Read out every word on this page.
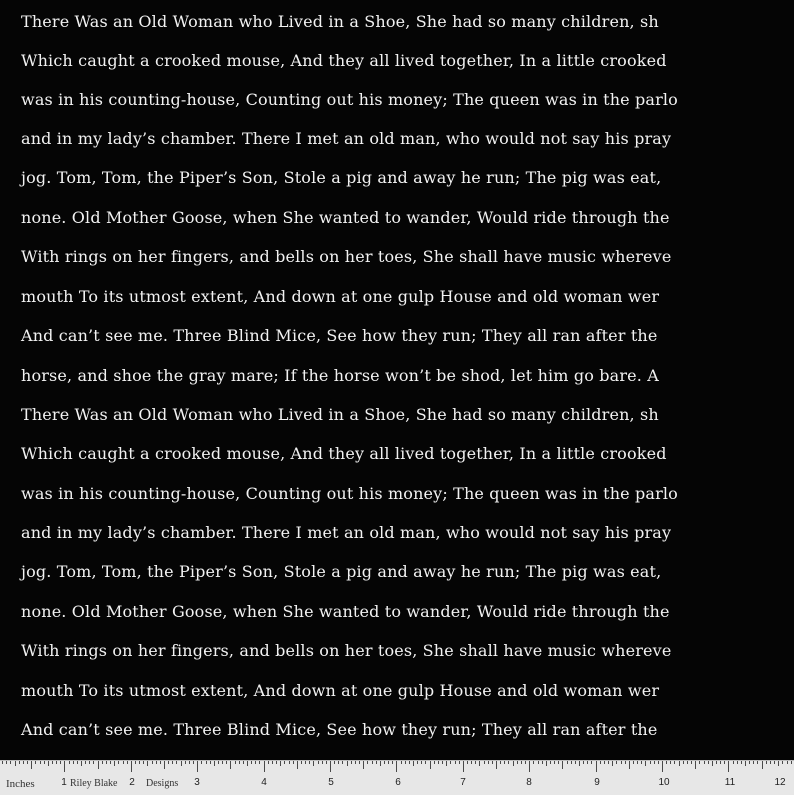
There Was an Old Woman who Lived in a Shoe, She had so many children, sh
Which caught a crooked mouse, And they all lived together, In a little crooked
was in his counting-house, Counting out his money; The queen was in the parlo
and in my lady’s chamber. There I met an old man, who would not say his pray
jog. Tom, Tom, the Piper’s Son, Stole a pig and away he run; The pig was eat,
none. Old Mother Goose, when She wanted to wander, Would ride through the
With rings on her fingers, and bells on her toes, She shall have music whereve
mouth To its utmost extent, And down at one gulp House and old woman wer
And can’t see me. Three Blind Mice, See how they run; They all ran after the
horse, and shoe the gray mare; If the horse won’t be shod, let him go bare. A
There Was an Old Woman who Lived in a Shoe, She had so many children, sh
Which caught a crooked mouse, And they all lived together, In a little crooked
was in his counting-house, Counting out his money; The queen was in the parlo
and in my lady’s chamber. There I met an old man, who would not say his pray
jog. Tom, Tom, the Piper’s Son, Stole a pig and away he run; The pig was eat,
none. Old Mother Goose, when She wanted to wander, Would ride through the
With rings on her fingers, and bells on her toes, She shall have music whereve
mouth To its utmost extent, And down at one gulp House and old woman wer
And can’t see me. Three Blind Mice, See how they run; They all ran after the
Inches	Riley Blake	Designs
1	2	3	4	5	6	7	8	9	10	11	12
